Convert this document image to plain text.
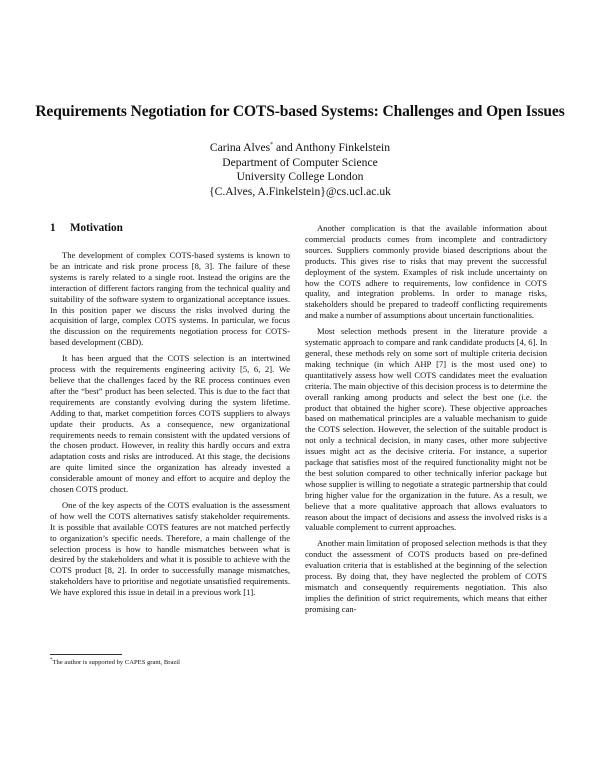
Requirements Negotiation for COTS-based Systems: Challenges and Open Issues
Carina Alves* and Anthony Finkelstein
Department of Computer Science
University College London
{C.Alves, A.Finkelstein}@cs.ucl.ac.uk
1 Motivation

The development of complex COTS-based systems is known to be an intricate and risk prone process [8, 3]. The failure of these systems is rarely related to a single root. Instead the origins are the interaction of different factors ranging from the technical quality and suitability of the software system to organizational acceptance issues. In this position paper we discuss the risks involved during the acquisition of large, complex COTS systems. In particular, we focus the discussion on the requirements negotiation process for COTS-based development (CBD).

It has been argued that the COTS selection is an intertwined process with the requirements engineering activity [5, 6, 2]. We believe that the challenges faced by the RE process continues even after the “best” product has been selected. This is due to the fact that requirements are constantly evolving during the system lifetime. Adding to that, market competition forces COTS suppliers to always update their products. As a consequence, new organizational requirements needs to remain consistent with the updated versions of the chosen product. However, in reality this hardly occurs and extra adaptation costs and risks are introduced. At this stage, the decisions are quite limited since the organization has already invested a considerable amount of money and effort to acquire and deploy the chosen COTS product.

One of the key aspects of the COTS evaluation is the assessment of how well the COTS alternatives satisfy stakeholder requirements. It is possible that available COTS features are not matched perfectly to organization’s specific needs. Therefore, a main challenge of the selection process is how to handle mismatches between what is desired by the stakeholders and what it is possible to achieve with the COTS product [8, 2]. In order to successfully manage mismatches, stakeholders have to prioritise and negotiate unsatisfied requirements. We have explored this issue in detail in a previous work [1].

Another complication is that the available information about commercial products comes from incomplete and contradictory sources. Suppliers commonly provide biased descriptions about the products. This gives rise to risks that may prevent the successful deployment of the system. Examples of risk include uncertainty on how the COTS adhere to requirements, low confidence in COTS quality, and integration problems. In order to manage risks, stakeholders should be prepared to tradeoff conflicting requirements and make a number of assumptions about uncertain functionalities.

Most selection methods present in the literature provide a systematic approach to compare and rank candidate products [4, 6]. In general, these methods rely on some sort of multiple criteria decision making technique (in which AHP [7] is the most used one) to quantitatively assess how well COTS candidates meet the evaluation criteria. The main objective of this decision process is to determine the overall ranking among products and select the best one (i.e. the product that obtained the higher score). These objective approaches based on mathematical principles are a valuable mechanism to guide the COTS selection. However, the selection of the suitable product is not only a technical decision, in many cases, other more subjective issues might act as the decisive criteria. For instance, a superior package that satisfies most of the required functionality might not be the best solution compared to other technically inferior package but whose supplier is willing to negotiate a strategic partnership that could bring higher value for the organization in the future. As a result, we believe that a more qualitative approach that allows evaluators to reason about the impact of decisions and assess the involved risks is a valuable complement to current approaches.

Another main limitation of proposed selection methods is that they conduct the assessment of COTS products based on pre-defined evaluation criteria that is established at the beginning of the selection process. By doing that, they have neglected the problem of COTS mismatch and consequently requirements negotiation. This also implies the definition of strict requirements, which means that either promising can-

*The author is supported by CAPES grant, Brazil
